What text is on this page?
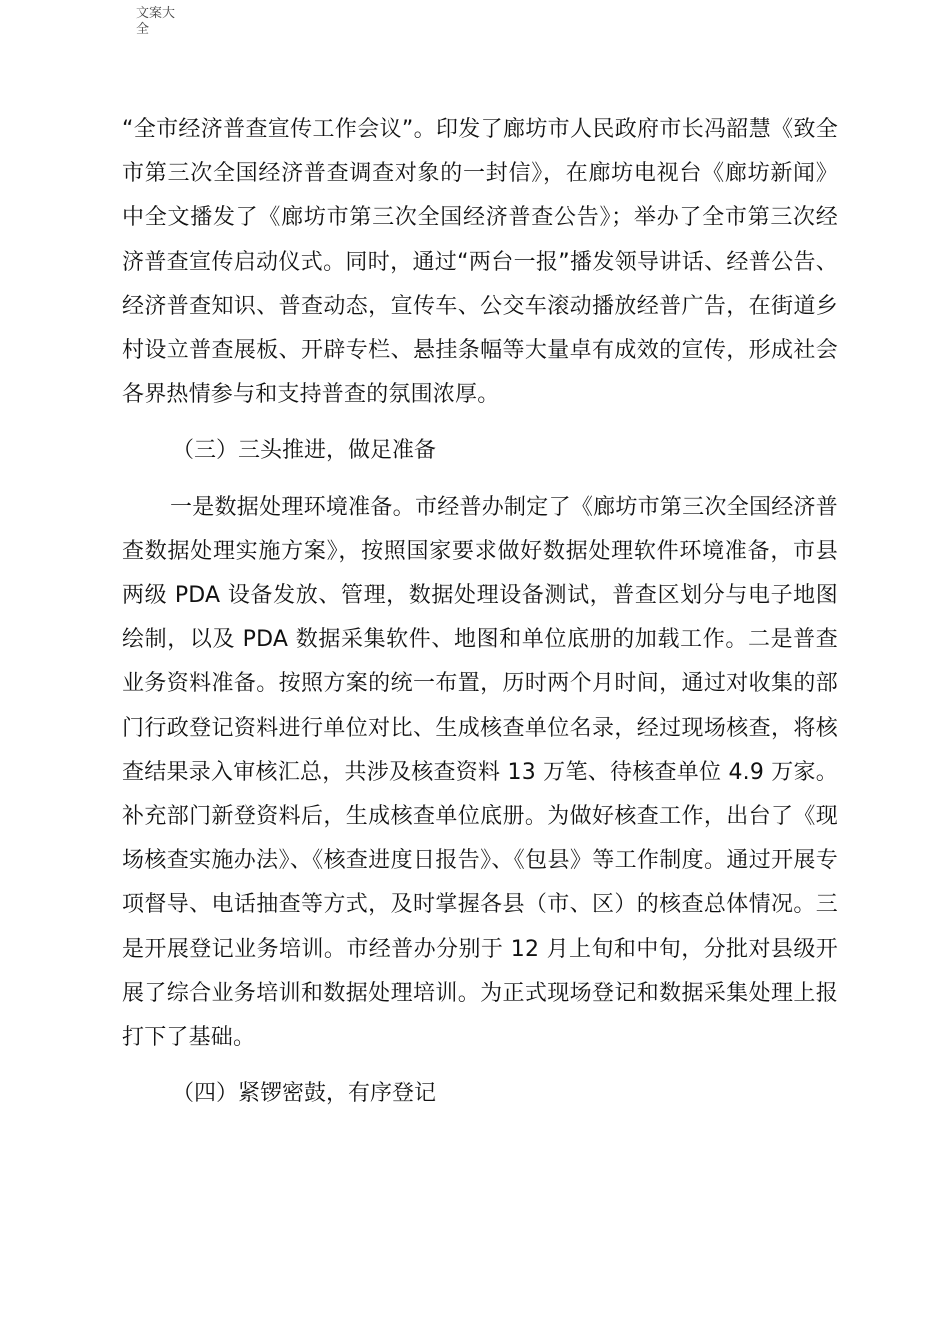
文案大全

“全市经济普查宣传工作会议”。印发了廊坊市人民政府市长冯韶慧《致全市第三次全国经济普查调查对象的一封信》，在廊坊电视台《廊坊新闻》中全文播发了《廊坊市第三次全国经济普查公告》；举办了全市第三次经济普查宣传启动仪式。同时，通过“两台一报”播发领导讲话、经普公告、经济普查知识、普查动态，宣传车、公交车滚动播放经普广告，在街道乡村设立普查展板、开辟专栏、悬挂条幅等大量卓有成效的宣传，形成社会各界热情参与和支持普查的氛围浓厚。

（三）三头推进，做足准备

一是数据处理环境准备。市经普办制定了《廊坊市第三次全国经济普查数据处理实施方案》，按照国家要求做好数据处理软件环境准备，市县两级 PDA 设备发放、管理，数据处理设备测试，普查区划分与电子地图绘制，以及 PDA 数据采集软件、地图和单位底册的加载工作。二是普查业务资料准备。按照方案的统一布置，历时两个月时间，通过对收集的部门行政登记资料进行单位对比、生成核查单位名录，经过现场核查，将核查结果录入审核汇总，共涉及核查资料 13 万笔、待核查单位 4.9 万家。补充部门新登资料后，生成核查单位底册。为做好核查工作，出台了《现场核查实施办法》、《核查进度日报告》、《包县》等工作制度。通过开展专项督导、电话抽查等方式，及时掌握各县（市、区）的核查总体情况。三是开展登记业务培训。市经普办分别于 12 月上旬和中旬，分批对县级开展了综合业务培训和数据处理培训。为正式现场登记和数据采集处理上报打下了基础。

（四）紧锣密鼓，有序登记
